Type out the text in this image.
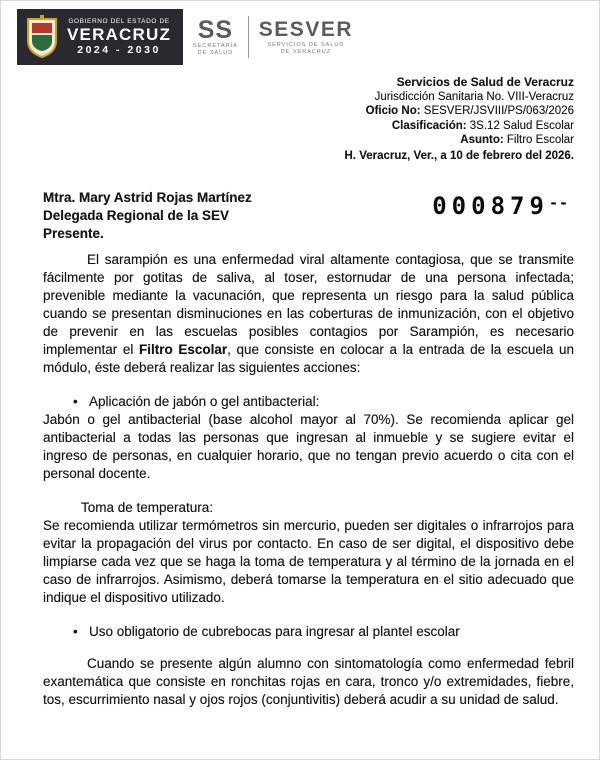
GOBIERNO DEL ESTADO DE
VERACRUZ
2024 - 2030
SS
SECRETARÍA
DE SALUD
SESVER
SERVICIOS DE SALUD
DE VERACRUZ
Servicios de Salud de Veracruz
Jurisdicción Sanitaria No. VIII-Veracruz
Oficio No: SESVER/JSVIII/PS/063/2026
Clasificación: 3S.12 Salud Escolar
Asunto: Filtro Escolar
H. Veracruz, Ver., a 10 de febrero del 2026.
000879--
Mtra. Mary Astrid Rojas Martínez
Delegada Regional de la SEV
Presente.

El sarampión es una enfermedad viral altamente contagiosa, que se transmite fácilmente por gotitas de saliva, al toser, estornudar de una persona infectada; prevenible mediante la vacunación, que representa un riesgo para la salud pública cuando se presentan disminuciones en las coberturas de inmunización, con el objetivo de prevenir en las escuelas posibles contagios por Sarampión, es necesario implementar el Filtro Escolar, que consiste en colocar a la entrada de la escuela un módulo, éste deberá realizar las siguientes acciones:

• Aplicación de jabón o gel antibacterial:

Jabón o gel antibacterial (base alcohol mayor al 70%). Se recomienda aplicar gel antibacterial a todas las personas que ingresan al inmueble y se sugiere evitar el ingreso de personas, en cualquier horario, que no tengan previo acuerdo o cita con el personal docente.

Toma de temperatura:

Se recomienda utilizar termómetros sin mercurio, pueden ser digitales o infrarrojos para evitar la propagación del virus por contacto. En caso de ser digital, el dispositivo debe limpiarse cada vez que se haga la toma de temperatura y al término de la jornada en el caso de infrarrojos. Asimismo, deberá tomarse la temperatura en el sitio adecuado que indique el dispositivo utilizado.

• Uso obligatorio de cubrebocas para ingresar al plantel escolar

Cuando se presente algún alumno con sintomatología como enfermedad febril exantemática que consiste en ronchitas rojas en cara, tronco y/o extremidades, fiebre, tos, escurrimiento nasal y ojos rojos (conjuntivitis) deberá acudir a su unidad de salud.
